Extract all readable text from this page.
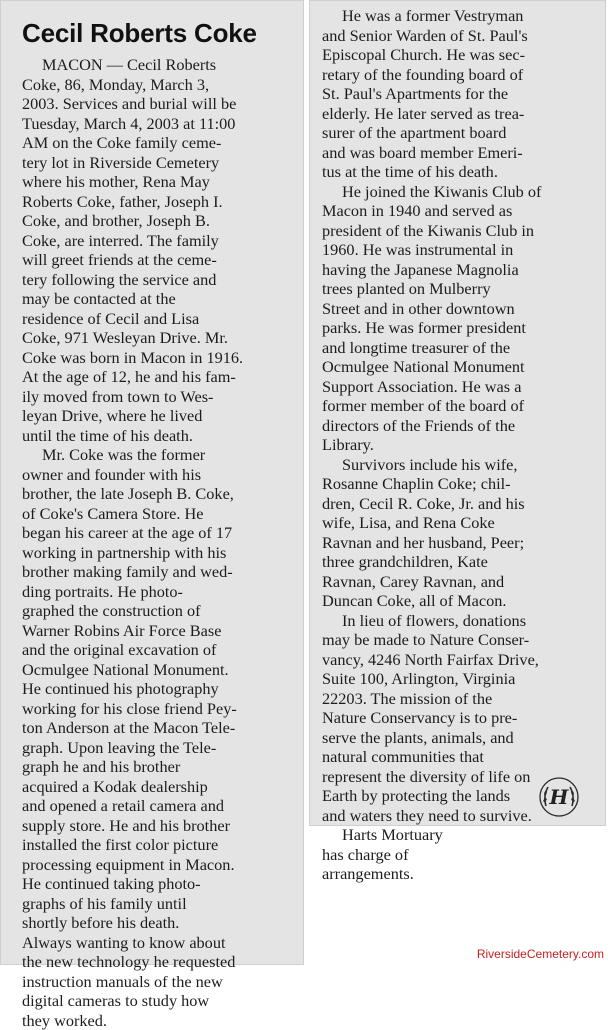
Cecil Roberts Coke
MACON — Cecil Roberts
Coke, 86, Monday, March 3,
2003. Services and burial will be
Tuesday, March 4, 2003 at 11:00
AM on the Coke family ceme-
tery lot in Riverside Cemetery
where his mother, Rena May
Roberts Coke, father, Joseph I.
Coke, and brother, Joseph B.
Coke, are interred. The family
will greet friends at the ceme-
tery following the service and
may be contacted at the
residence of Cecil and Lisa
Coke, 971 Wesleyan Drive. Mr.
Coke was born in Macon in 1916.
At the age of 12, he and his fam-
ily moved from town to Wes-
leyan Drive, where he lived
until the time of his death.
Mr. Coke was the former
owner and founder with his
brother, the late Joseph B. Coke,
of Coke's Camera Store. He
began his career at the age of 17
working in partnership with his
brother making family and wed-
ding portraits. He photo-
graphed the construction of
Warner Robins Air Force Base
and the original excavation of
Ocmulgee National Monument.
He continued his photography
working for his close friend Pey-
ton Anderson at the Macon Tele-
graph. Upon leaving the Tele-
graph he and his brother
acquired a Kodak dealership
and opened a retail camera and
supply store. He and his brother
installed the first color picture
processing equipment in Macon.
He continued taking photo-
graphs of his family until
shortly before his death.
Always wanting to know about
the new technology he requested
instruction manuals of the new
digital cameras to study how
they worked.
He was a former Vestryman
and Senior Warden of St. Paul's
Episcopal Church. He was sec-
retary of the founding board of
St. Paul's Apartments for the
elderly. He later served as trea-
surer of the apartment board
and was board member Emeri-
tus at the time of his death.
He joined the Kiwanis Club of
Macon in 1940 and served as
president of the Kiwanis Club in
1960. He was instrumental in
having the Japanese Magnolia
trees planted on Mulberry
Street and in other downtown
parks. He was former president
and longtime treasurer of the
Ocmulgee National Monument
Support Association. He was a
former member of the board of
directors of the Friends of the
Library.
Survivors include his wife,
Rosanne Chaplin Coke; chil-
dren, Cecil R. Coke, Jr. and his
wife, Lisa, and Rena Coke
Ravnan and her husband, Peer;
three grandchildren, Kate
Ravnan, Carey Ravnan, and
Duncan Coke, all of Macon.
In lieu of flowers, donations
may be made to Nature Conser-
vancy, 4246 North Fairfax Drive,
Suite 100, Arlington, Virginia
22203. The mission of the
Nature Conservancy is to pre-
serve the plants, animals, and
natural communities that
represent the diversity of life on
Earth by protecting the lands
and waters they need to survive.
Harts Mortuary
has charge of
arrangements.
H
RiversideCemetery.com
